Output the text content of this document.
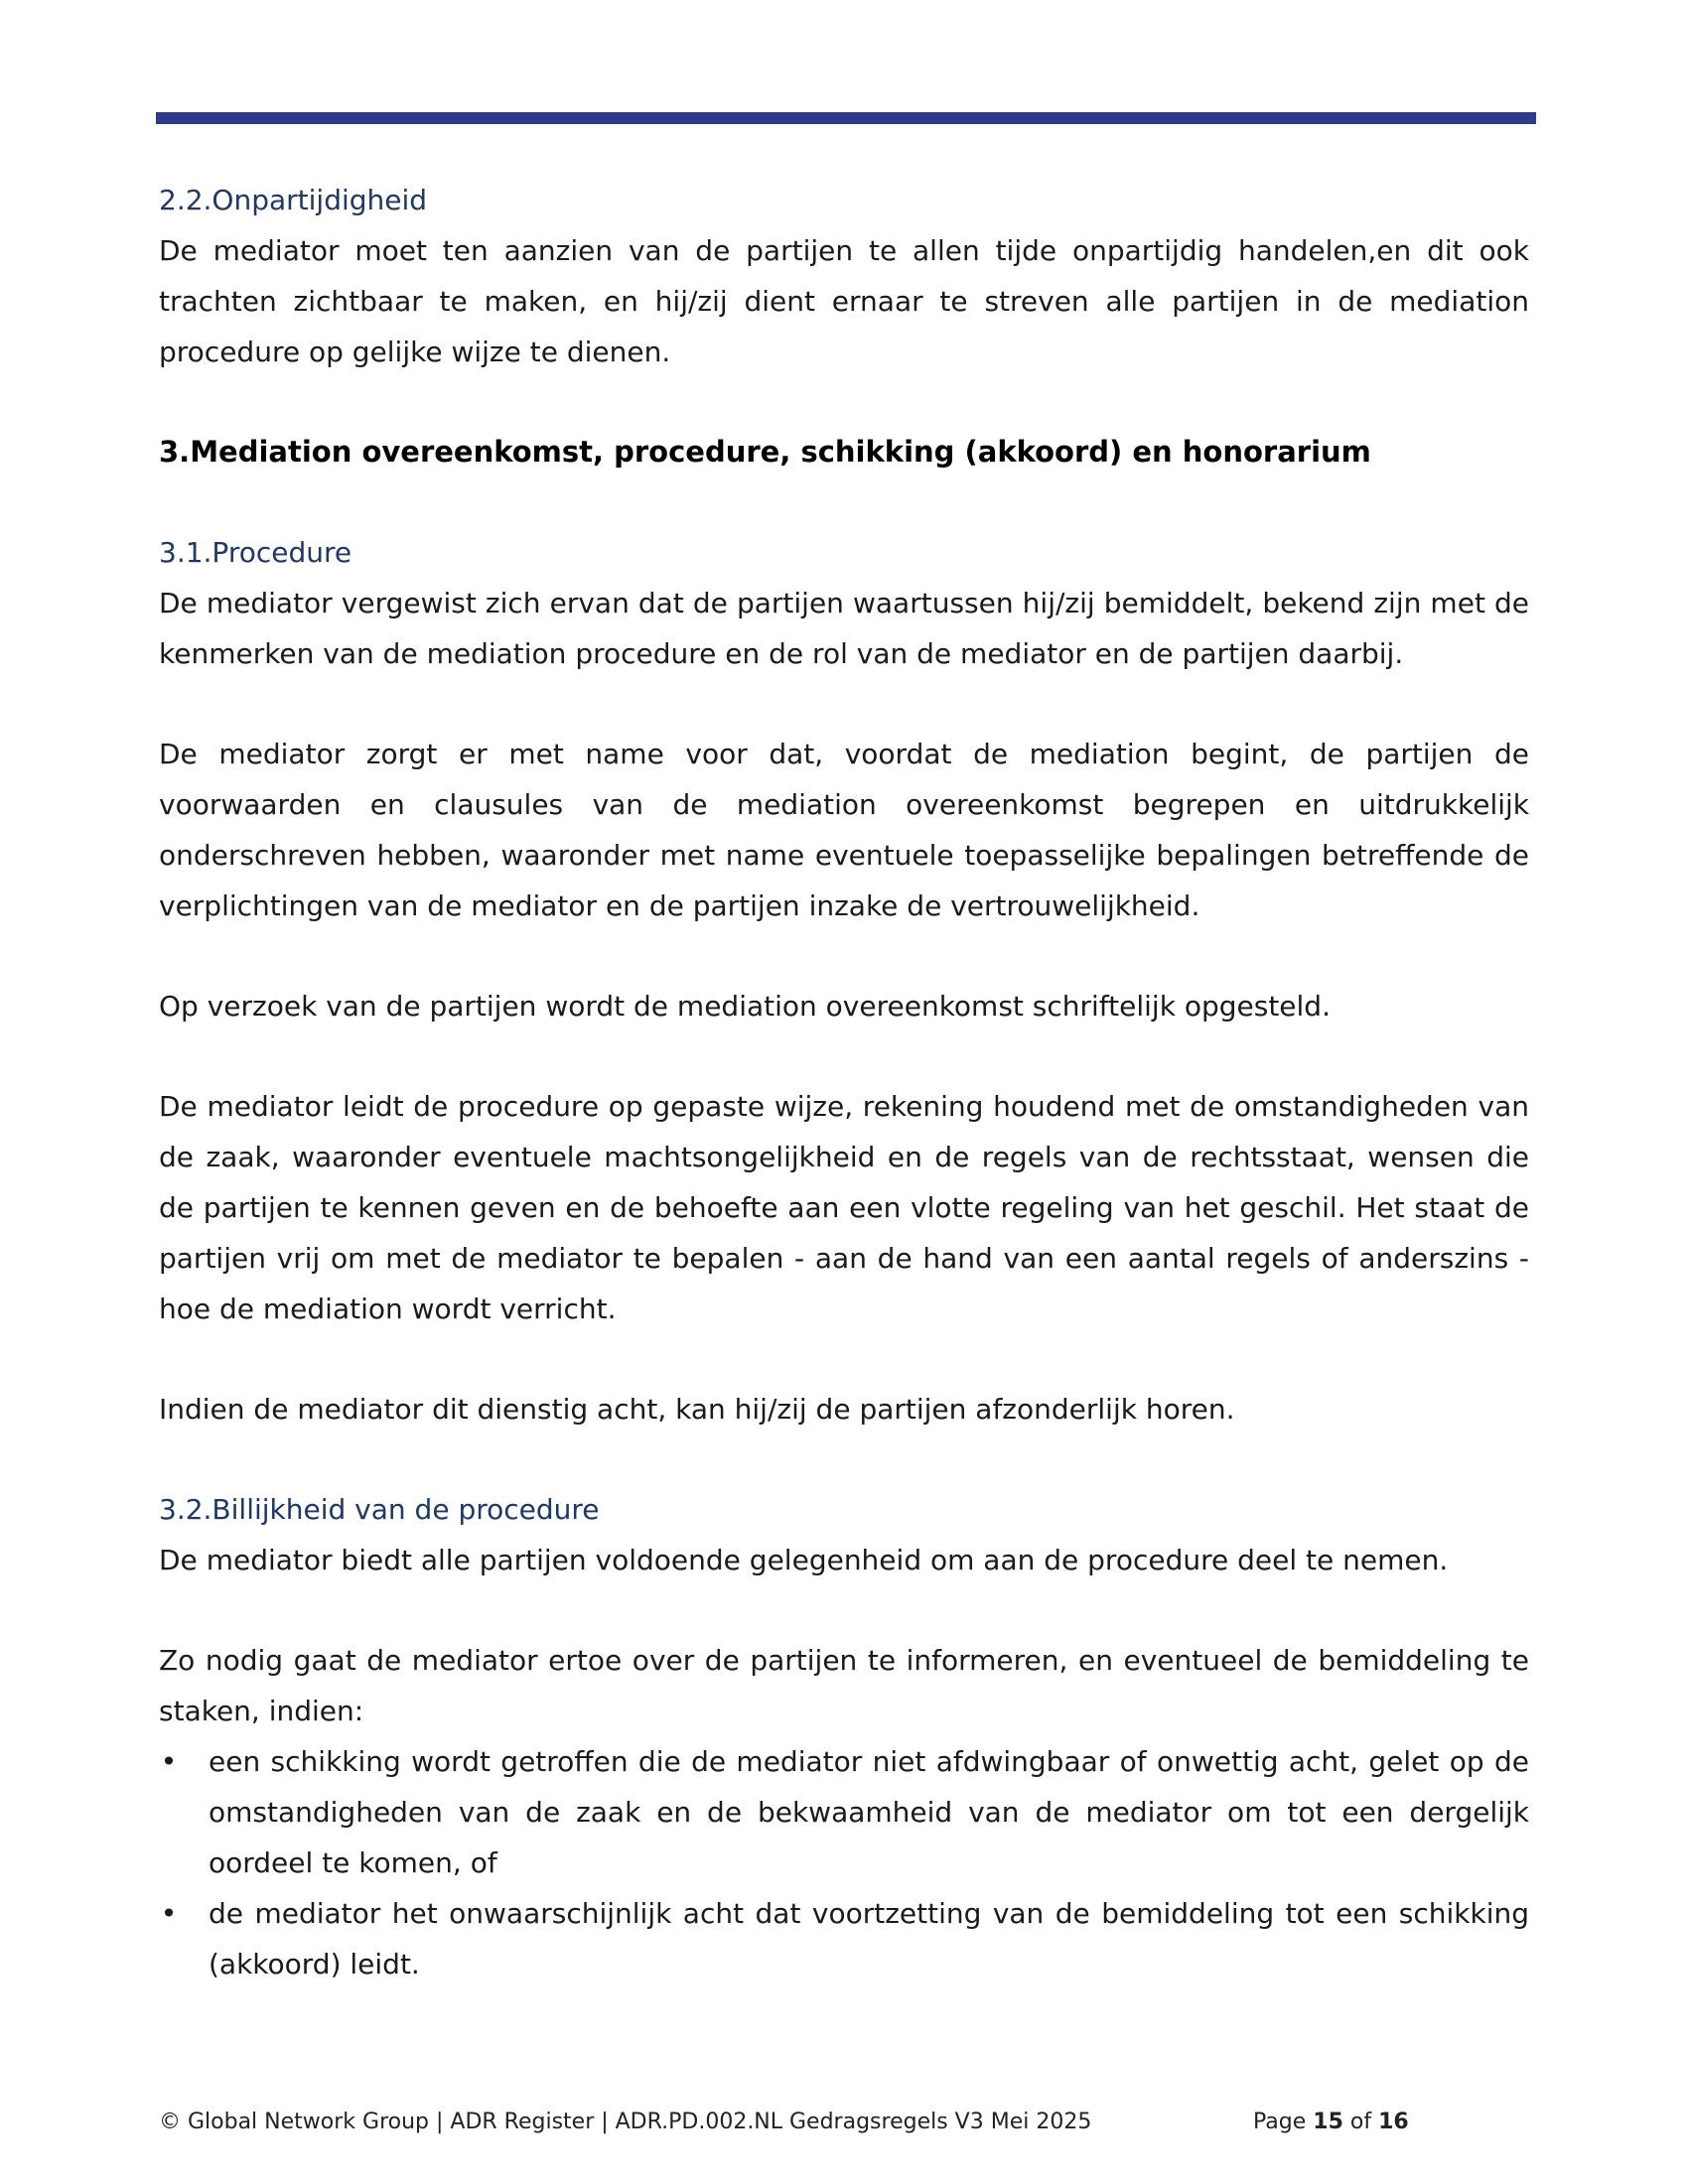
2.2.Onpartijdigheid

De mediator moet ten aanzien van de partijen te allen tijde onpartijdig handelen,en dit ook trachten zichtbaar te maken, en hij/zij dient ernaar te streven alle partijen in de mediation procedure op gelijke wijze te dienen.

3.Mediation overeenkomst, procedure, schikking (akkoord) en honorarium

3.1.Procedure

De mediator vergewist zich ervan dat de partijen waartussen hij/zij bemiddelt, bekend zijn met de kenmerken van de mediation procedure en de rol van de mediator en de partijen daarbij.

De mediator zorgt er met name voor dat, voordat de mediation begint, de partijen de voorwaarden en clausules van de mediation overeenkomst begrepen en uitdrukkelijk onderschreven hebben, waaronder met name eventuele toepasselijke bepalingen betreffende de verplichtingen van de mediator en de partijen inzake de vertrouwelijkheid.

Op verzoek van de partijen wordt de mediation overeenkomst schriftelijk opgesteld.

De mediator leidt de procedure op gepaste wijze, rekening houdend met de omstandigheden van de zaak, waaronder eventuele machtsongelijkheid en de regels van de rechtsstaat, wensen die de partijen te kennen geven en de behoefte aan een vlotte regeling van het geschil. Het staat de partijen vrij om met de mediator te bepalen - aan de hand van een aantal regels of anderszins - hoe de mediation wordt verricht.

Indien de mediator dit dienstig acht, kan hij/zij de partijen afzonderlijk horen.

3.2.Billijkheid van de procedure

De mediator biedt alle partijen voldoende gelegenheid om aan de procedure deel te nemen.

Zo nodig gaat de mediator ertoe over de partijen te informeren, en eventueel de bemiddeling te staken, indien:

• een schikking wordt getroffen die de mediator niet afdwingbaar of onwettig acht, gelet op de omstandigheden van de zaak en de bekwaamheid van de mediator om tot een dergelijk oordeel te komen, of
• de mediator het onwaarschijnlijk acht dat voortzetting van de bemiddeling tot een schikking (akkoord) leidt.
© Global Network Group | ADR Register | ADR.PD.002.NL Gedragsregels V3 Mei 2025	Page 15 of 16
